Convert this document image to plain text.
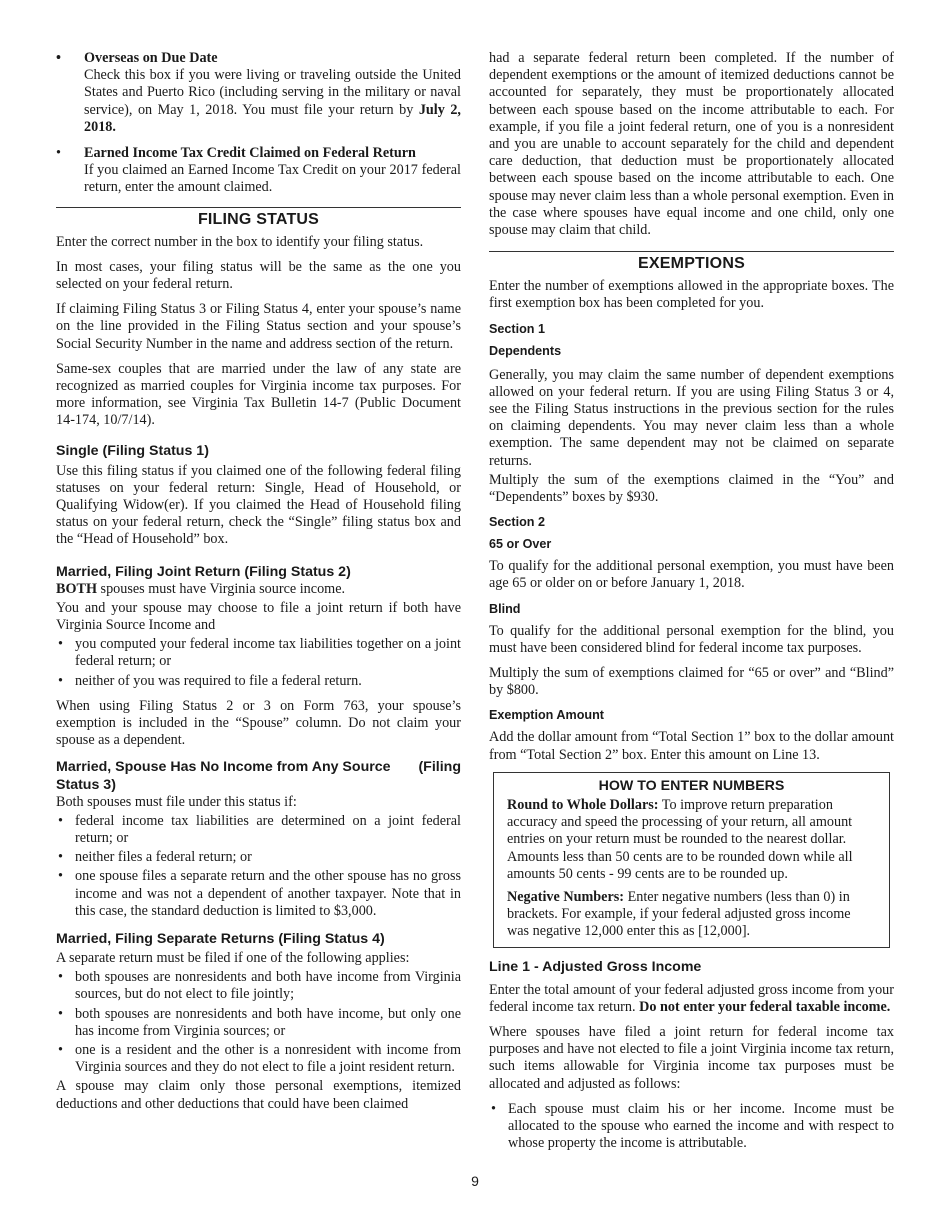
• Overseas on Due Date

Check this box if you were living or traveling outside the United States and Puerto Rico (including serving in the military or naval service), on May 1, 2018. You must file your return by July 2, 2018.

• Earned Income Tax Credit Claimed on Federal Return

If you claimed an Earned Income Tax Credit on your 2017 federal return, enter the amount claimed.

FILING STATUS

Enter the correct number in the box to identify your filing status.

In most cases, your filing status will be the same as the one you selected on your federal return.

If claiming Filing Status 3 or Filing Status 4, enter your spouse’s name on the line provided in the Filing Status section and your spouse’s Social Security Number in the name and address section of the return.

Same-sex couples that are married under the law of any state are recognized as married couples for Virginia income tax purposes. For more information, see Virginia Tax Bulletin 14-7 (Public Document 14-174, 10/7/14).

Single (Filing Status 1)

Use this filing status if you claimed one of the following federal filing statuses on your federal return: Single, Head of Household, or Qualifying Widow(er). If you claimed the Head of Household filing status on your federal return, check the “Single” filing status box and the “Head of Household” box.

Married, Filing Joint Return (Filing Status 2)

BOTH spouses must have Virginia source income.

You and your spouse may choose to file a joint return if both have Virginia Source Income and

• you computed your federal income tax liabilities together on a joint federal return; or
• neither of you was required to file a federal return.

When using Filing Status 2 or 3 on Form 763, your spouse’s exemption is included in the “Spouse” column. Do not claim your spouse as a dependent.

Married, Spouse Has No Income from Any Source (Filing
Status 3)

Both spouses must file under this status if:

• federal income tax liabilities are determined on a joint federal return; or
• neither files a federal return; or
• one spouse files a separate return and the other spouse has no gross income and was not a dependent of another taxpayer. Note that in this case, the standard deduction is limited to $3,000.
Married, Filing Separate Returns (Filing Status 4)

A separate return must be filed if one of the following applies:

• both spouses are nonresidents and both have income from Virginia sources, but do not elect to file jointly;
• both spouses are nonresidents and both have income, but only one has income from Virginia sources; or
• one is a resident and the other is a nonresident with income from Virginia sources and they do not elect to file a joint resident return.

A spouse may claim only those personal exemptions, itemized deductions and other deductions that could have been claimed

had a separate federal return been completed. If the number of dependent exemptions or the amount of itemized deductions cannot be accounted for separately, they must be proportionately allocated between each spouse based on the income attributable to each. For example, if you file a joint federal return, one of you is a nonresident and you are unable to account separately for the child and dependent care deduction, that deduction must be proportionately allocated between each spouse based on the income attributable to each. One spouse may never claim less than a whole personal exemption. Even in the case where spouses have equal income and one child, only one spouse may claim that child.

EXEMPTIONS

Enter the number of exemptions allowed in the appropriate boxes. The first exemption box has been completed for you.

Section 1
Dependents

Generally, you may claim the same number of dependent exemptions allowed on your federal return. If you are using Filing Status 3 or 4, see the Filing Status instructions in the previous section for the rules on claiming dependents. You may never claim less than a whole exemption. The same dependent may not be claimed on separate returns.

Multiply the sum of the exemptions claimed in the “You” and “Dependents” boxes by $930.

Section 2
65 or Over

To qualify for the additional personal exemption, you must have been age 65 or older on or before January 1, 2018.

Blind

To qualify for the additional personal exemption for the blind, you must have been considered blind for federal income tax purposes.

Multiply the sum of exemptions claimed for “65 or over” and “Blind” by $800.

Exemption Amount

Add the dollar amount from “Total Section 1” box to the dollar amount from “Total Section 2” box. Enter this amount on Line 13.

HOW TO ENTER NUMBERS

Round to Whole Dollars: To improve return preparation accuracy and speed the processing of your return, all amount entries on your return must be rounded to the nearest dollar. Amounts less than 50 cents are to be rounded down while all amounts 50 cents - 99 cents are to be rounded up.

Negative Numbers: Enter negative numbers (less than 0) in brackets. For example, if your federal adjusted gross income was negative 12,000 enter this as [12,000].

Line 1 - Adjusted Gross Income

Enter the total amount of your federal adjusted gross income from your federal income tax return. Do not enter your federal taxable income.

Where spouses have filed a joint return for federal income tax purposes and have not elected to file a joint Virginia income tax return, such items allowable for Virginia income tax purposes must be allocated and adjusted as follows:

• Each spouse must claim his or her income. Income must be allocated to the spouse who earned the income and with respect to whose property the income is attributable.
9
